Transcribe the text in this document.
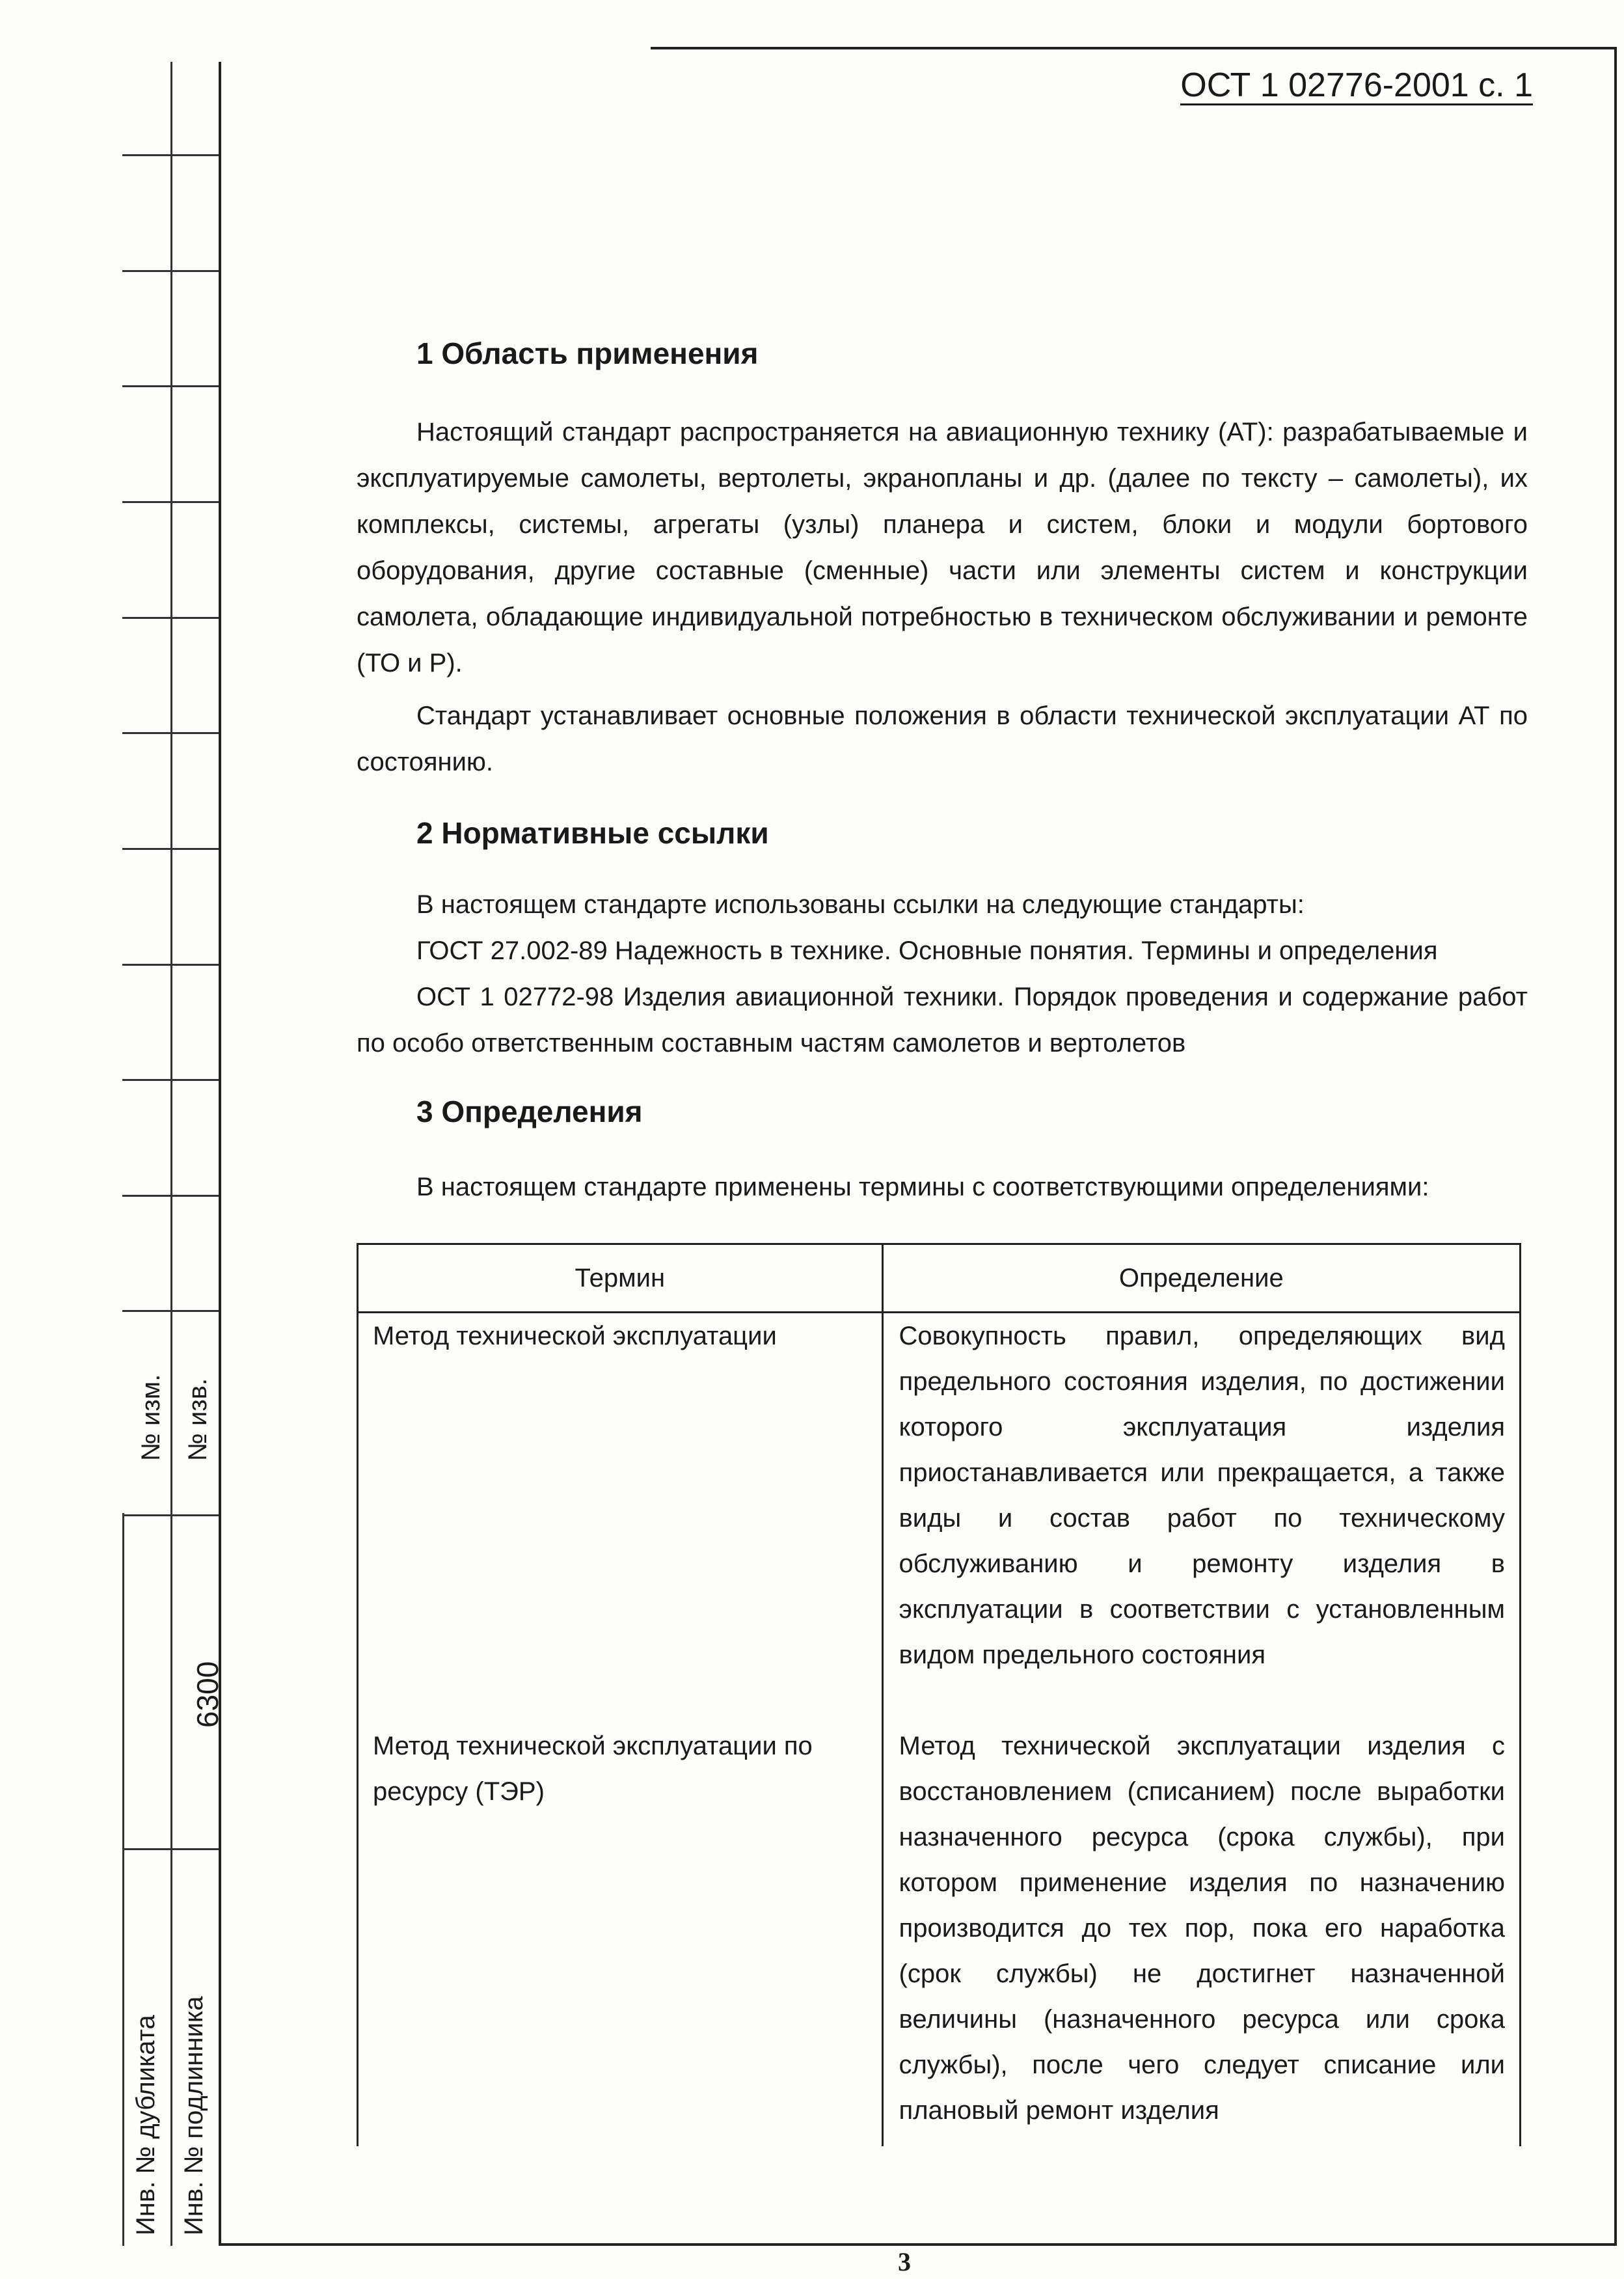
№ изм. № изв.
6300
Инв. № дубликата Инв. № подлинника
ОСТ 1 02776-2001 с. 1
1 Область применения

Настоящий стандарт распространяется на авиационную технику (АТ): разрабатываемые и эксплуатируемые самолеты, вертолеты, экранопланы и др. (далее по тексту – самолеты), их комплексы, системы, агрегаты (узлы) планера и систем, блоки и модули бортового оборудования, другие составные (сменные) части или элементы систем и конструкции самолета, обладающие индивидуальной потребностью в техническом обслуживании и ремонте (ТО и Р).

Стандарт устанавливает основные положения в области технической эксплуатации АТ по состоянию.

2 Нормативные ссылки

В настоящем стандарте использованы ссылки на следующие стандарты:

ГОСТ 27.002-89 Надежность в технике. Основные понятия. Термины и определения

ОСТ 1 02772-98 Изделия авиационной техники. Порядок проведения и содержание работ по особо ответственным составным частям самолетов и вертолетов

3 Определения

В настоящем стандарте применены термины с соответствующими определениями:

Термин	Определение
Метод технической эксплуатации	Совокупность правил, определяющих вид предельного состояния изделия, по достижении которого эксплуатация изделия приостанавливается или прекращается, а также виды и состав работ по техническому обслуживанию и ремонту изделия в эксплуатации в соответствии с установленным видом предельного состояния

Метод технической эксплуатации по ресурсу (ТЭР)	Метод технической эксплуатации изделия с восстановлением (списанием) после выработки назначенного ресурса (срока службы), при котором применение изделия по назначению производится до тех пор, пока его наработка (срок службы) не достигнет назначенной величины (назначенного ресурса или срока службы), после чего следует списание или плановый ремонт изделия

3
